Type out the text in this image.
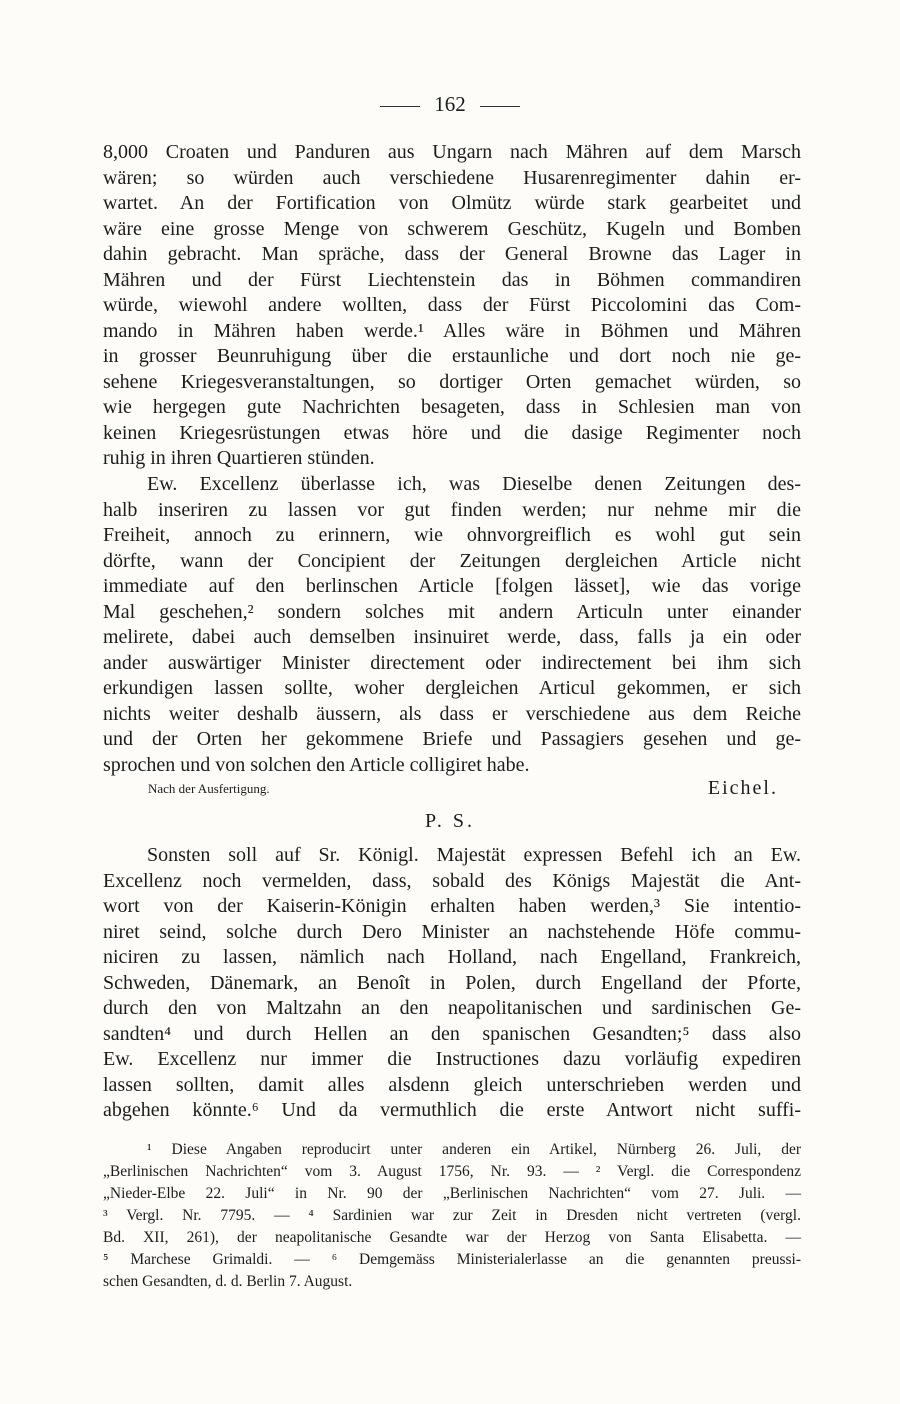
162
8,000 Croaten und Panduren aus Ungarn nach Mähren auf dem Marsch
wären; so würden auch verschiedene Husarenregimenter dahin er-
wartet. An der Fortification von Olmütz würde stark gearbeitet und
wäre eine grosse Menge von schwerem Geschütz, Kugeln und Bomben
dahin gebracht. Man spräche, dass der General Browne das Lager in
Mähren und der Fürst Liechtenstein das in Böhmen commandiren
würde, wiewohl andere wollten, dass der Fürst Piccolomini das Com-
mando in Mähren haben werde.¹ Alles wäre in Böhmen und Mähren
in grosser Beunruhigung über die erstaunliche und dort noch nie ge-
sehene Kriegesveranstaltungen, so dortiger Orten gemachet würden, so
wie hergegen gute Nachrichten besageten, dass in Schlesien man von
keinen Kriegesrüstungen etwas höre und die dasige Regimenter noch
ruhig in ihren Quartieren stünden.
Ew. Excellenz überlasse ich, was Dieselbe denen Zeitungen des-
halb inseriren zu lassen vor gut finden werden; nur nehme mir die
Freiheit, annoch zu erinnern, wie ohnvorgreiflich es wohl gut sein
dörfte, wann der Concipient der Zeitungen dergleichen Article nicht
immediate auf den berlinschen Article [folgen lässet], wie das vorige
Mal geschehen,² sondern solches mit andern Articuln unter einander
melirete, dabei auch demselben insinuiret werde, dass, falls ja ein oder
ander auswärtiger Minister directement oder indirectement bei ihm sich
erkundigen lassen sollte, woher dergleichen Articul gekommen, er sich
nichts weiter deshalb äussern, als dass er verschiedene aus dem Reiche
und der Orten her gekommene Briefe und Passagiers gesehen und ge-
sprochen und von solchen den Article colligiret habe.
Nach der Ausfertigung.	Eichel.
P. S.
Sonsten soll auf Sr. Königl. Majestät expressen Befehl ich an Ew.
Excellenz noch vermelden, dass, sobald des Königs Majestät die Ant-
wort von der Kaiserin-Königin erhalten haben werden,³ Sie intentio-
niret seind, solche durch Dero Minister an nachstehende Höfe commu-
niciren zu lassen, nämlich nach Holland, nach Engelland, Frankreich,
Schweden, Dänemark, an Benoît in Polen, durch Engelland der Pforte,
durch den von Maltzahn an den neapolitanischen und sardinischen Ge-
sandten⁴ und durch Hellen an den spanischen Gesandten;⁵ dass also
Ew. Excellenz nur immer die Instructiones dazu vorläufig expediren
lassen sollten, damit alles alsdenn gleich unterschrieben werden und
abgehen könnte.⁶ Und da vermuthlich die erste Antwort nicht suffi-
¹ Diese Angaben reproducirt unter anderen ein Artikel, Nürnberg 26. Juli, der
„Berlinischen Nachrichten“ vom 3. August 1756, Nr. 93. — ² Vergl. die Correspondenz
„Nieder-Elbe 22. Juli“ in Nr. 90 der „Berlinischen Nachrichten“ vom 27. Juli. —
³ Vergl. Nr. 7795. — ⁴ Sardinien war zur Zeit in Dresden nicht vertreten (vergl.
Bd. XII, 261), der neapolitanische Gesandte war der Herzog von Santa Elisabetta. —
⁵ Marchese Grimaldi. — ⁶ Demgemäss Ministerialerlasse an die genannten preussi-
schen Gesandten, d. d. Berlin 7. August.
